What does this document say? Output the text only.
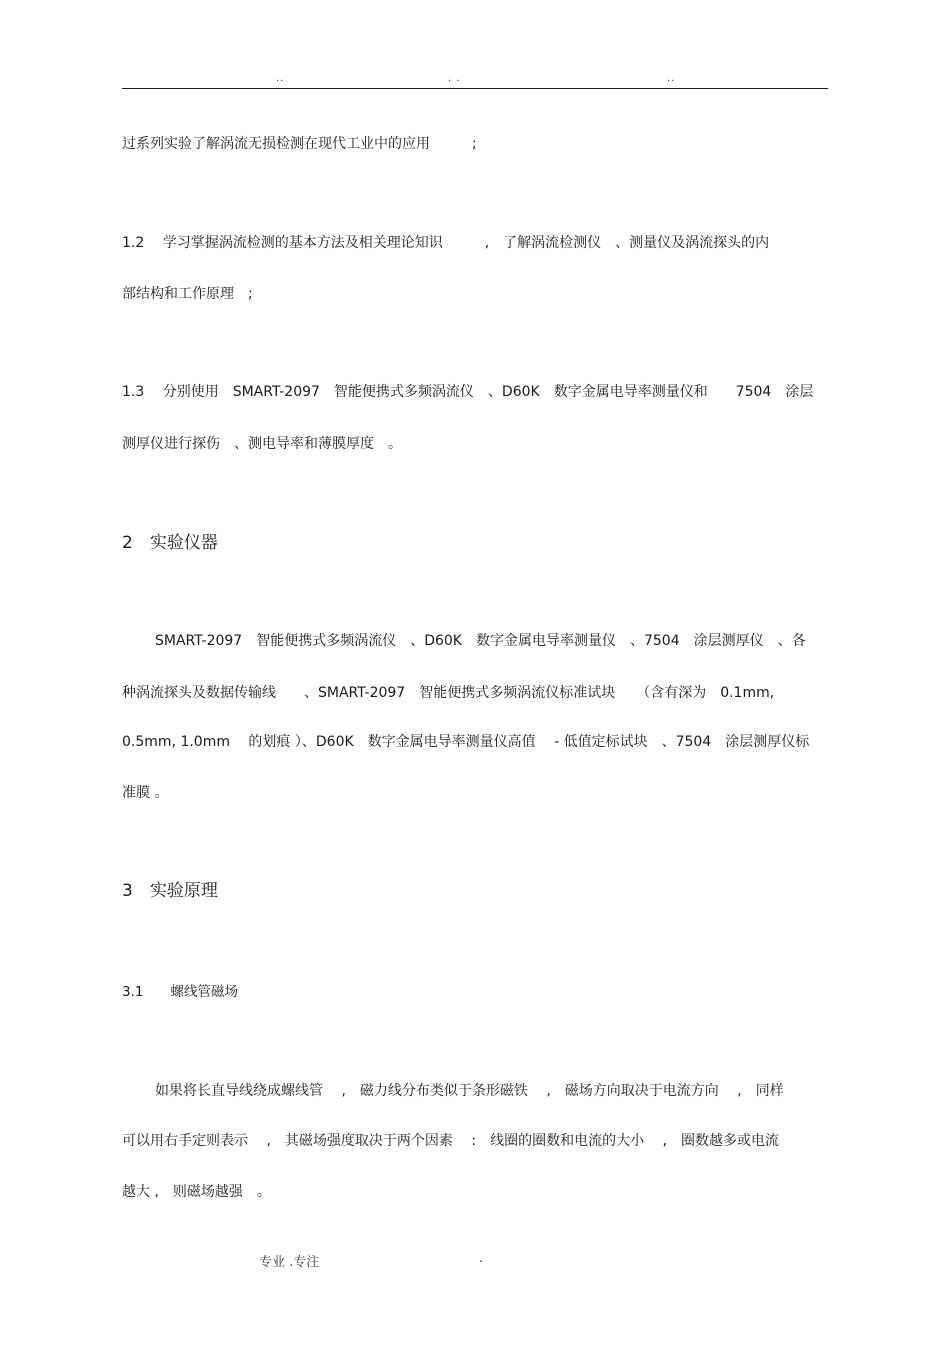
..	. .	..
过系列实验了解涡流无损检测在现代工业中的应用　　　;
1.2　 学习掌握涡流检测的基本方法及相关理论知识　　　,　了解涡流检测仪　、测量仪及涡流探头的内
部结构和工作原理　;
1.3　 分别使用　SMART-2097　智能便携式多频涡流仪　、D60K　数字金属电导率测量仪和　　7504　涂层
测厚仪进行探伤　、测电导率和薄膜厚度　。
2　实验仪器
SMART-2097　智能便携式多频涡流仪　、D60K　数字金属电导率测量仪　、7504　涂层测厚仪　、各
种涡流探头及数据传输线　　、SMART-2097　智能便携式多频涡流仪标准试块　　（含有深为　0.1mm,
0.5mm, 1.0mm　 的划痕 ）、D60K　数字金属电导率测量仪高值　 - 低值定标试块　、7504　涂层测厚仪标
准膜 。
3　实验原理
3.1　　螺线管磁场
如果将长直导线绕成螺线管　 ,　磁力线分布类似于条形磁铁　 ,　磁场方向取决于电流方向　 ,　同样
可以用右手定则表示　 ,　其磁场强度取决于两个因素　 :　线圈的圈数和电流的大小　 ,　圈数越多或电流
越大 ,　则磁场越强　。
专业 .专注	.
